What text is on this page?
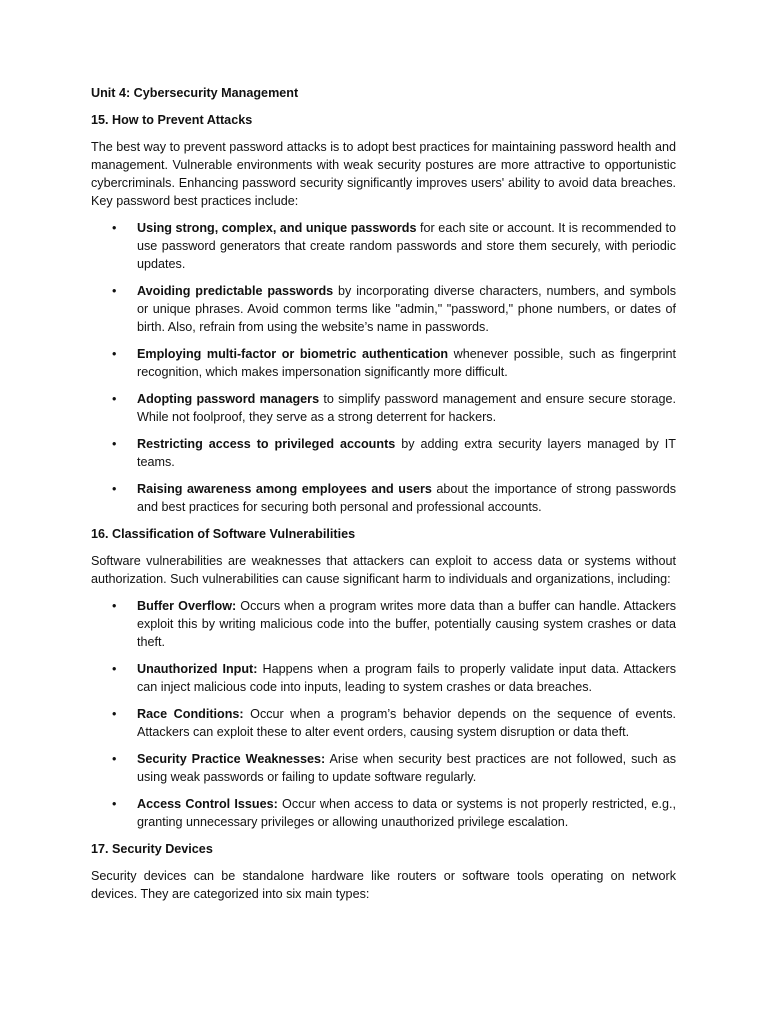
Unit 4: Cybersecurity Management
15. How to Prevent Attacks

The best way to prevent password attacks is to adopt best practices for maintaining password health and management. Vulnerable environments with weak security postures are more attractive to opportunistic cybercriminals. Enhancing password security significantly improves users' ability to avoid data breaches. Key password best practices include:

• Using strong, complex, and unique passwords for each site or account. It is recommended to use password generators that create random passwords and store them securely, with periodic updates.
• Avoiding predictable passwords by incorporating diverse characters, numbers, and symbols or unique phrases. Avoid common terms like "admin," "password," phone numbers, or dates of birth. Also, refrain from using the website’s name in passwords.
• Employing multi-factor or biometric authentication whenever possible, such as fingerprint recognition, which makes impersonation significantly more difficult.
• Adopting password managers to simplify password management and ensure secure storage. While not foolproof, they serve as a strong deterrent for hackers.
• Restricting access to privileged accounts by adding extra security layers managed by IT teams.
• Raising awareness among employees and users about the importance of strong passwords and best practices for securing both personal and professional accounts.
16. Classification of Software Vulnerabilities

Software vulnerabilities are weaknesses that attackers can exploit to access data or systems without authorization. Such vulnerabilities can cause significant harm to individuals and organizations, including:

• Buffer Overflow: Occurs when a program writes more data than a buffer can handle. Attackers exploit this by writing malicious code into the buffer, potentially causing system crashes or data theft.
• Unauthorized Input: Happens when a program fails to properly validate input data. Attackers can inject malicious code into inputs, leading to system crashes or data breaches.
• Race Conditions: Occur when a program’s behavior depends on the sequence of events. Attackers can exploit these to alter event orders, causing system disruption or data theft.
• Security Practice Weaknesses: Arise when security best practices are not followed, such as using weak passwords or failing to update software regularly.
• Access Control Issues: Occur when access to data or systems is not properly restricted, e.g., granting unnecessary privileges or allowing unauthorized privilege escalation.
17. Security Devices

Security devices can be standalone hardware like routers or software tools operating on network devices. They are categorized into six main types:
